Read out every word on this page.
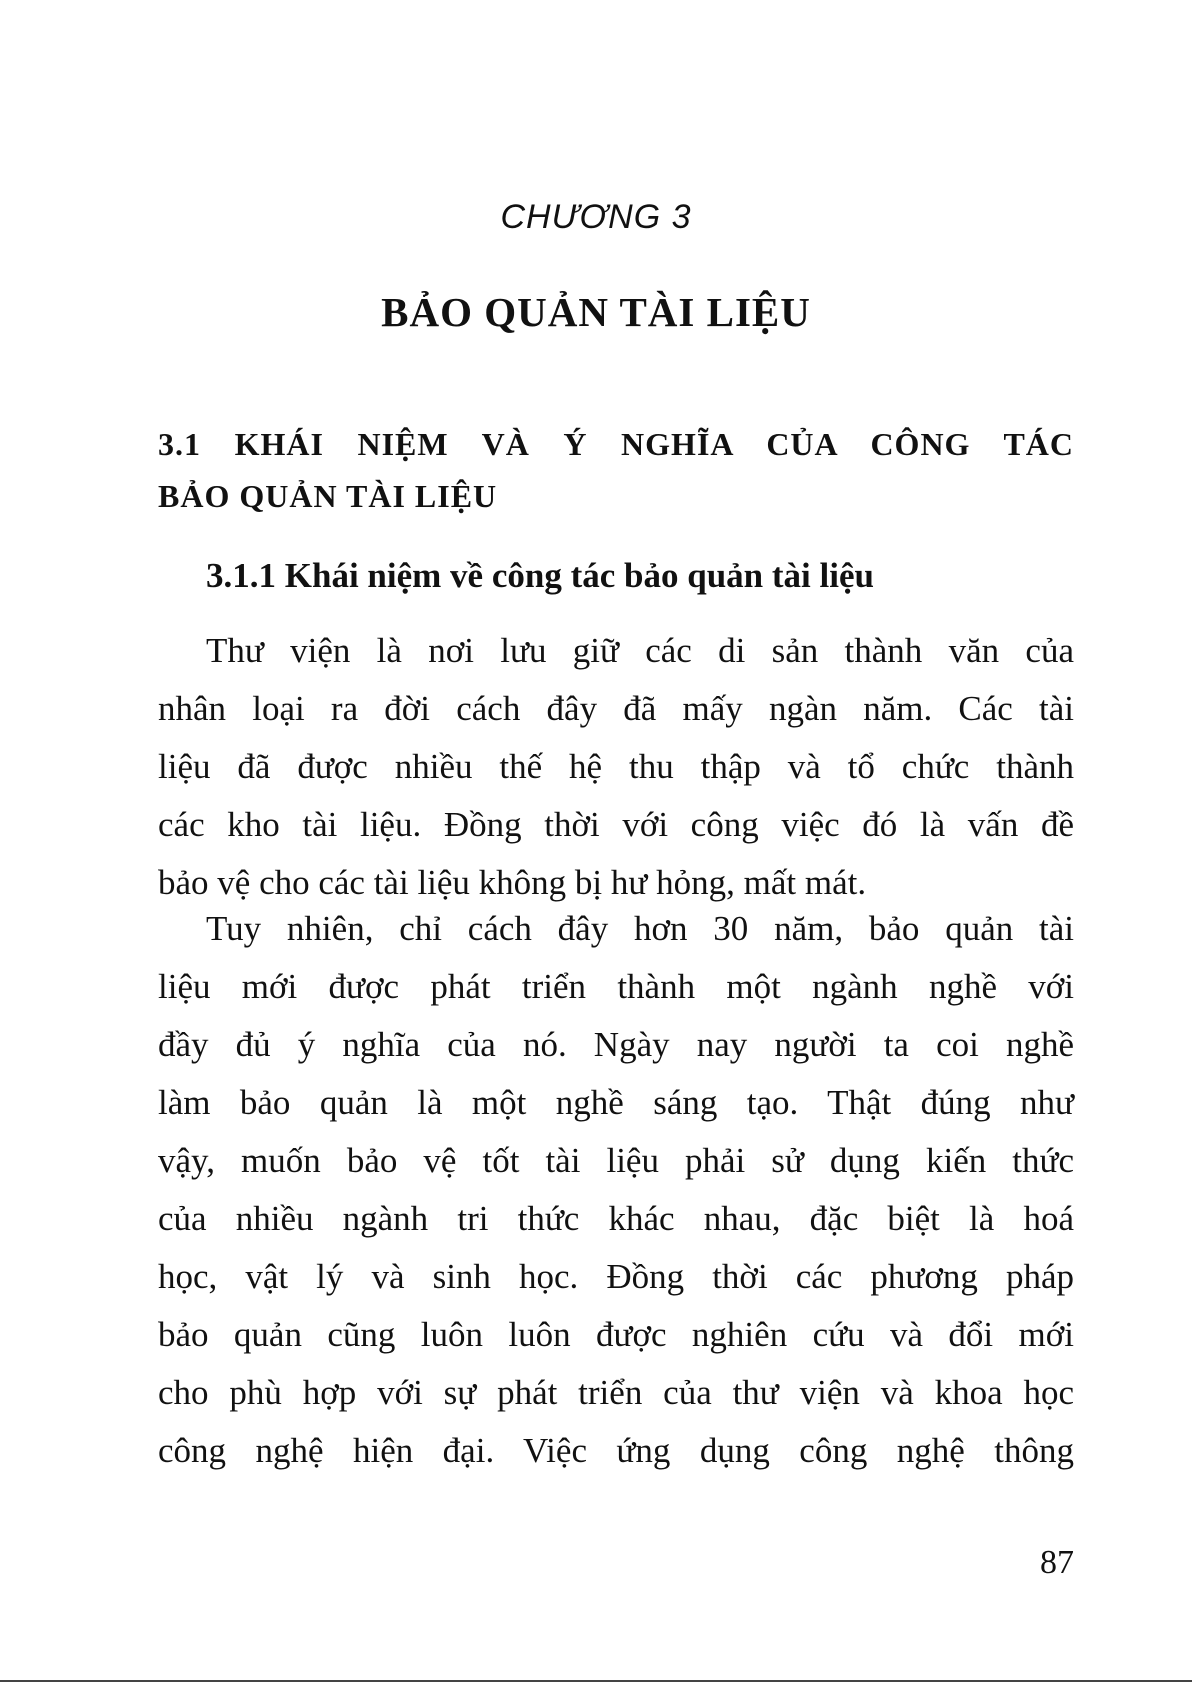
CHƯƠNG 3
BẢO QUẢN TÀI LIỆU
3.1 KHÁI NIỆM VÀ Ý NGHĨA CỦA CÔNG TÁC
BẢO QUẢN TÀI LIỆU
3.1.1 Khái niệm về công tác bảo quản tài liệu
Thư viện là nơi lưu giữ các di sản thành văn của
nhân loại ra đời cách đây đã mấy ngàn năm. Các tài
liệu đã được nhiều thế hệ thu thập và tổ chức thành
các kho tài liệu. Đồng thời với công việc đó là vấn đề
bảo vệ cho các tài liệu không bị hư hỏng, mất mát.
Tuy nhiên, chỉ cách đây hơn 30 năm, bảo quản tài
liệu mới được phát triển thành một ngành nghề với
đầy đủ ý nghĩa của nó. Ngày nay người ta coi nghề
làm bảo quản là một nghề sáng tạo. Thật đúng như
vậy, muốn bảo vệ tốt tài liệu phải sử dụng kiến thức
của nhiều ngành tri thức khác nhau, đặc biệt là hoá
học, vật lý và sinh học. Đồng thời các phương pháp
bảo quản cũng luôn luôn được nghiên cứu và đổi mới
cho phù hợp với sự phát triển của thư viện và khoa học
công nghệ hiện đại. Việc ứng dụng công nghệ thông
87
